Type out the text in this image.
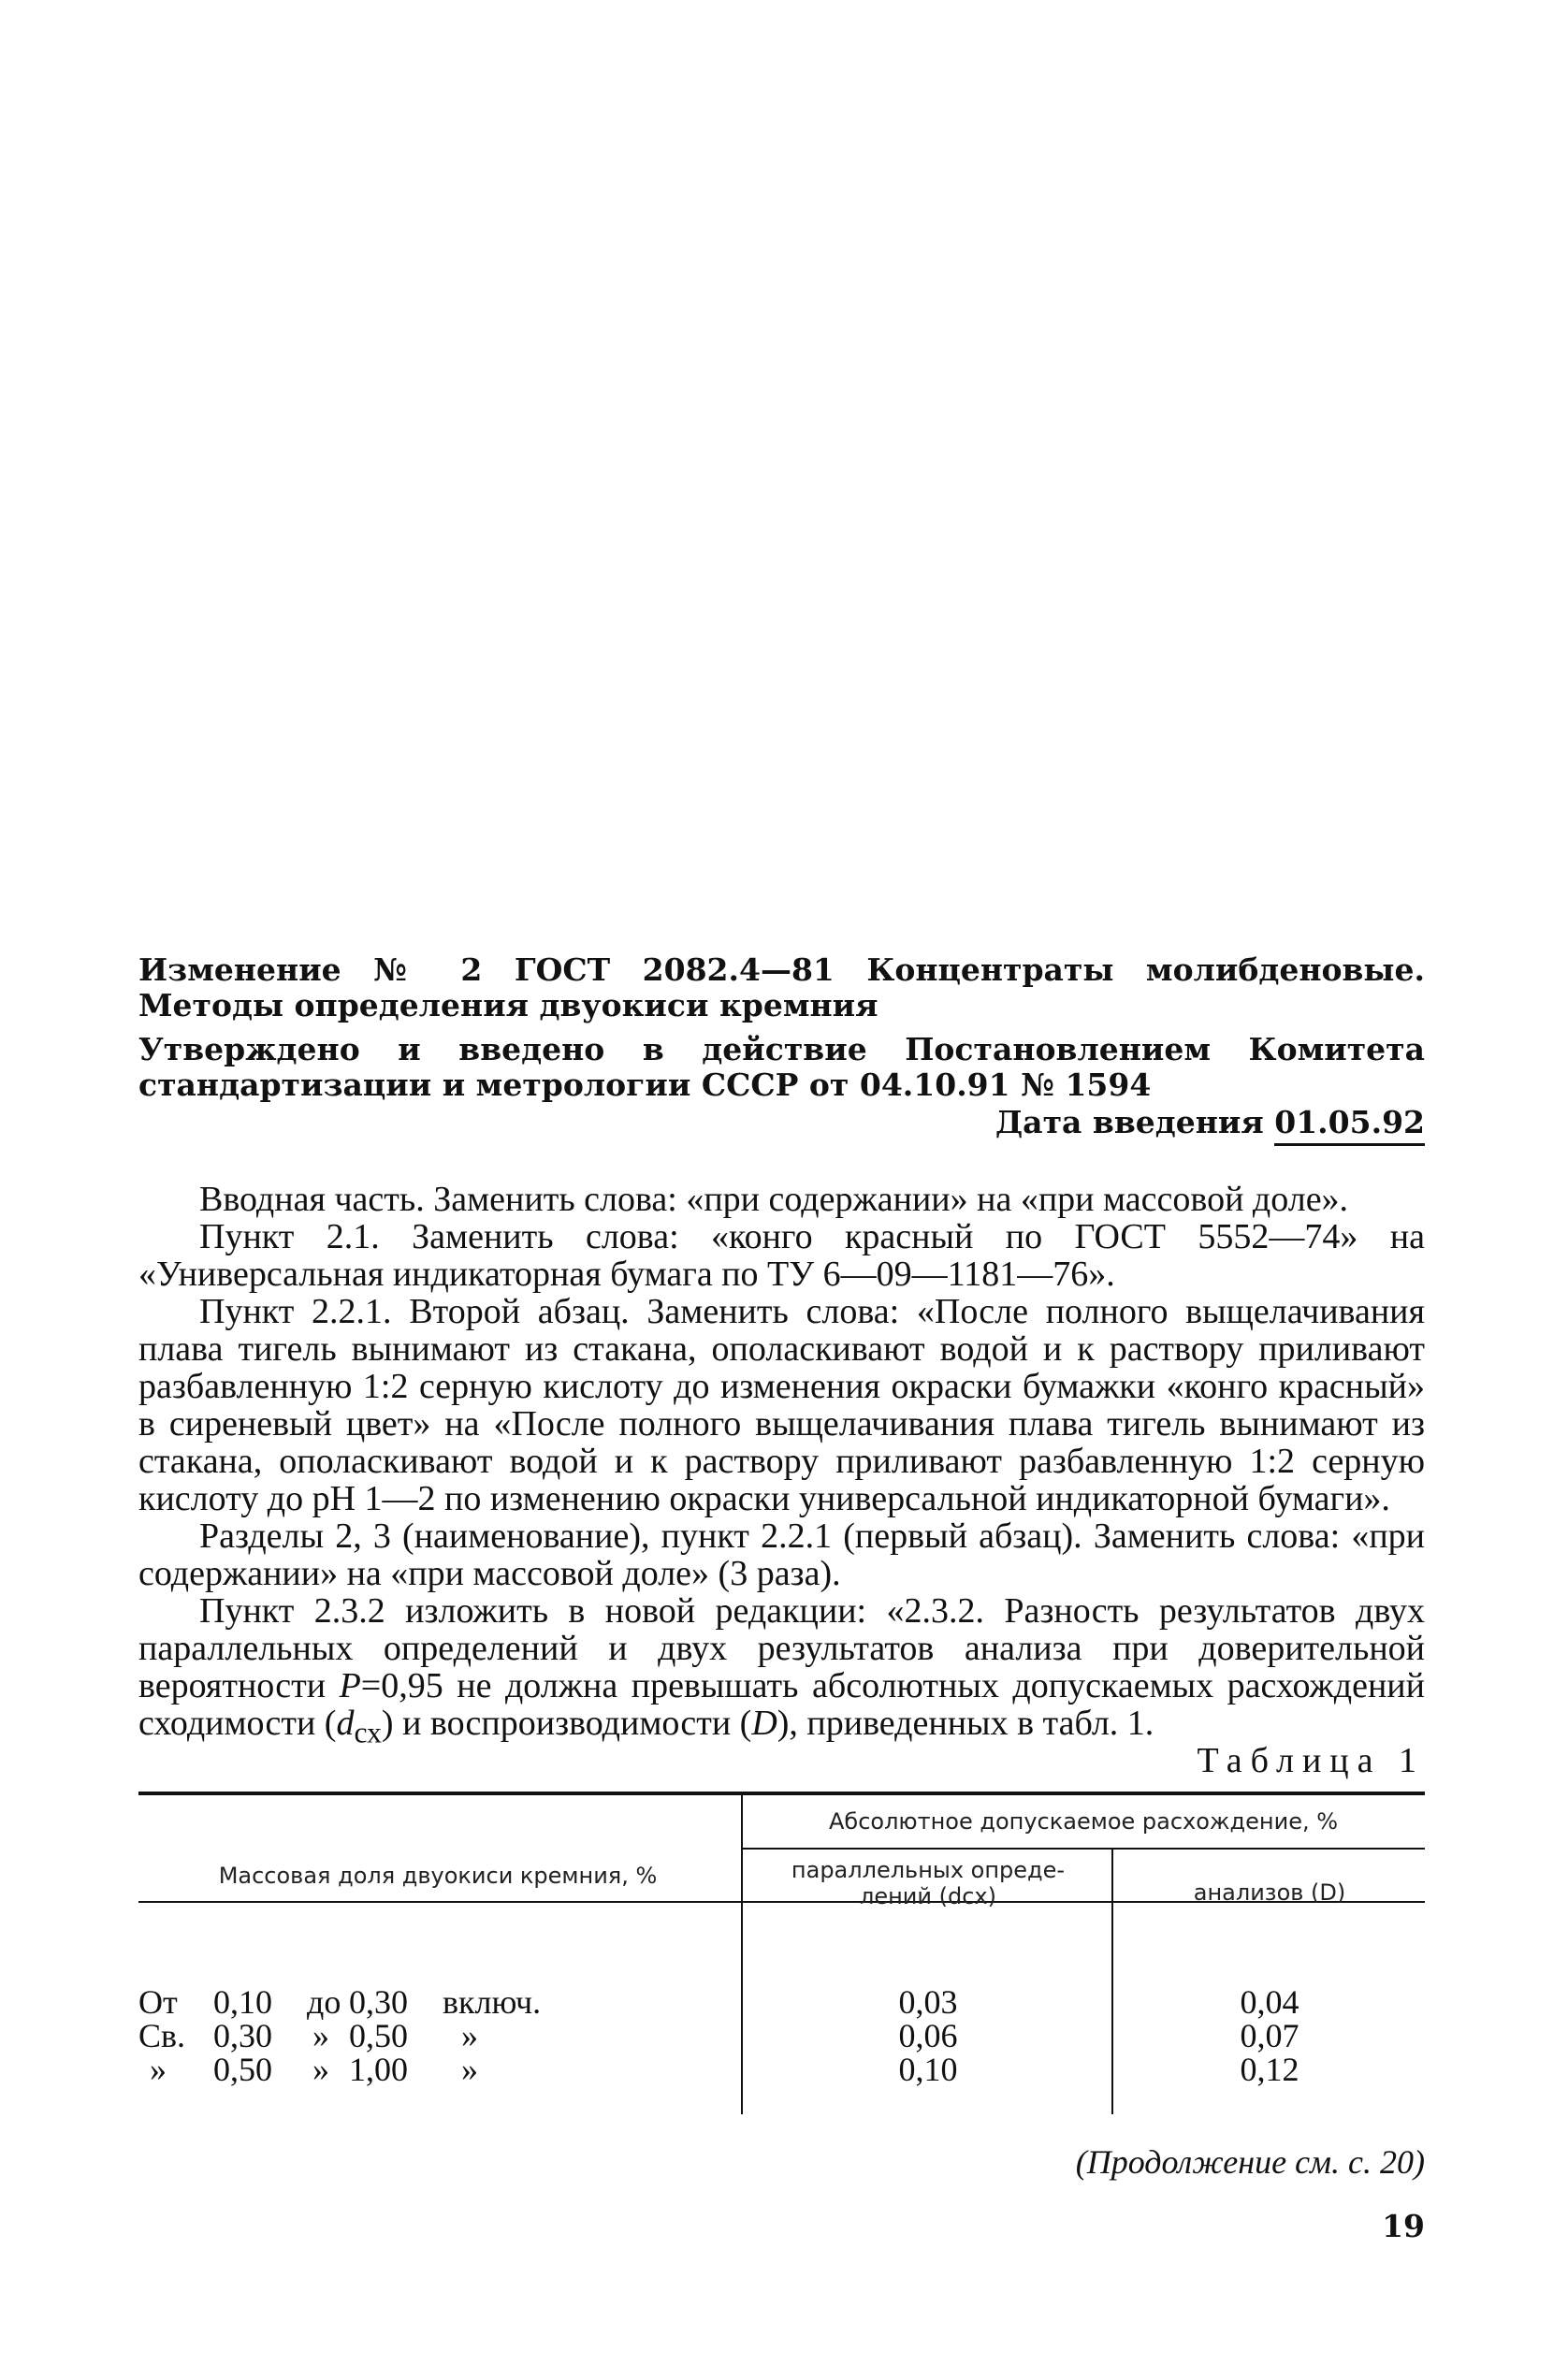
Изменение № 2 ГОСТ 2082.4—81 Концентраты молибденовые. Методы определения двуокиси кремния
Утверждено и введено в действие Постановлением Комитета стандартизации и метрологии СССР от 04.10.91 № 1594
Дата введения 01.05.92

Вводная часть. Заменить слова: «при содержании» на «при массовой доле».

Пункт 2.1. Заменить слова: «конго красный по ГОСТ 5552—74» на «Универсальная индикаторная бумага по ТУ 6—09—1181—76».

Пункт 2.2.1. Второй абзац. Заменить слова: «После полного выщелачивания плава тигель вынимают из стакана, ополаскивают водой и к раствору приливают разбавленную 1:2 серную кислоту до изменения окраски бумажки «конго красный» в сиреневый цвет» на «После полного выщелачивания плава тигель вынимают из стакана, ополаскивают водой и к раствору приливают разбавленную 1:2 серную кислоту до pH 1—2 по изменению окраски универсальной индикаторной бумаги».

Разделы 2, 3 (наименование), пункт 2.2.1 (первый абзац). Заменить слова: «при содержании» на «при массовой доле» (3 раза).

Пункт 2.3.2 изложить в новой редакции: «2.3.2. Разность результатов двух параллельных определений и двух результатов анализа при доверительной вероятности P=0,95 не должна превышать абсолютных допускаемых расхождений сходимости $(d_{сх})$ и воспроизводимости (D), приведенных в табл. 1.

Таблица 1
Массовая доля двуокиси кремния, %
Абсолютное допускаемое расхождение, %
параллельных опреде-
лений (dсх)	анализов (D)
От 0,10 до 0,30 включ.
Св. 0,30 » 0,50 »
» 0,50 » 1,00 »
0,03
0,06
0,10
0,04
0,07
0,12
(Продолжение см. с. 20)
19
